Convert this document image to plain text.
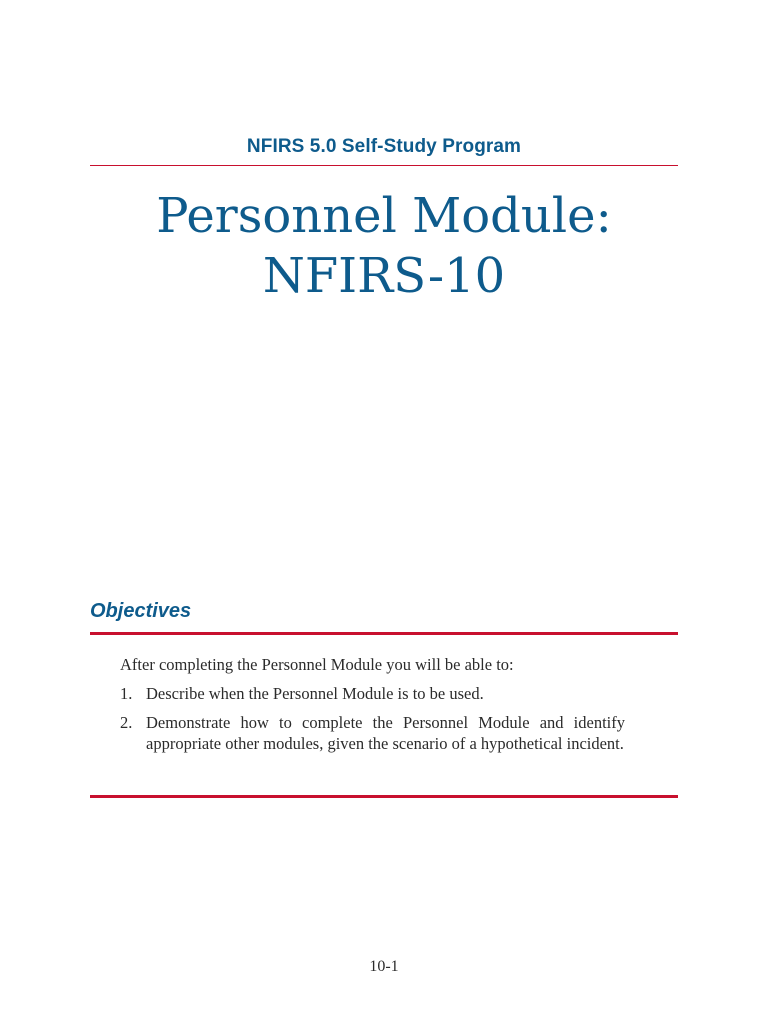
NFIRS 5.0 Self-Study Program
Personnel Module:
NFIRS-10
Objectives

After completing the Personnel Module you will be able to:

1. Describe when the Personnel Module is to be used.
2. Demonstrate how to complete the Personnel Module and identify appropriate other modules, given the scenario of a hypothetical incident.
10-1
